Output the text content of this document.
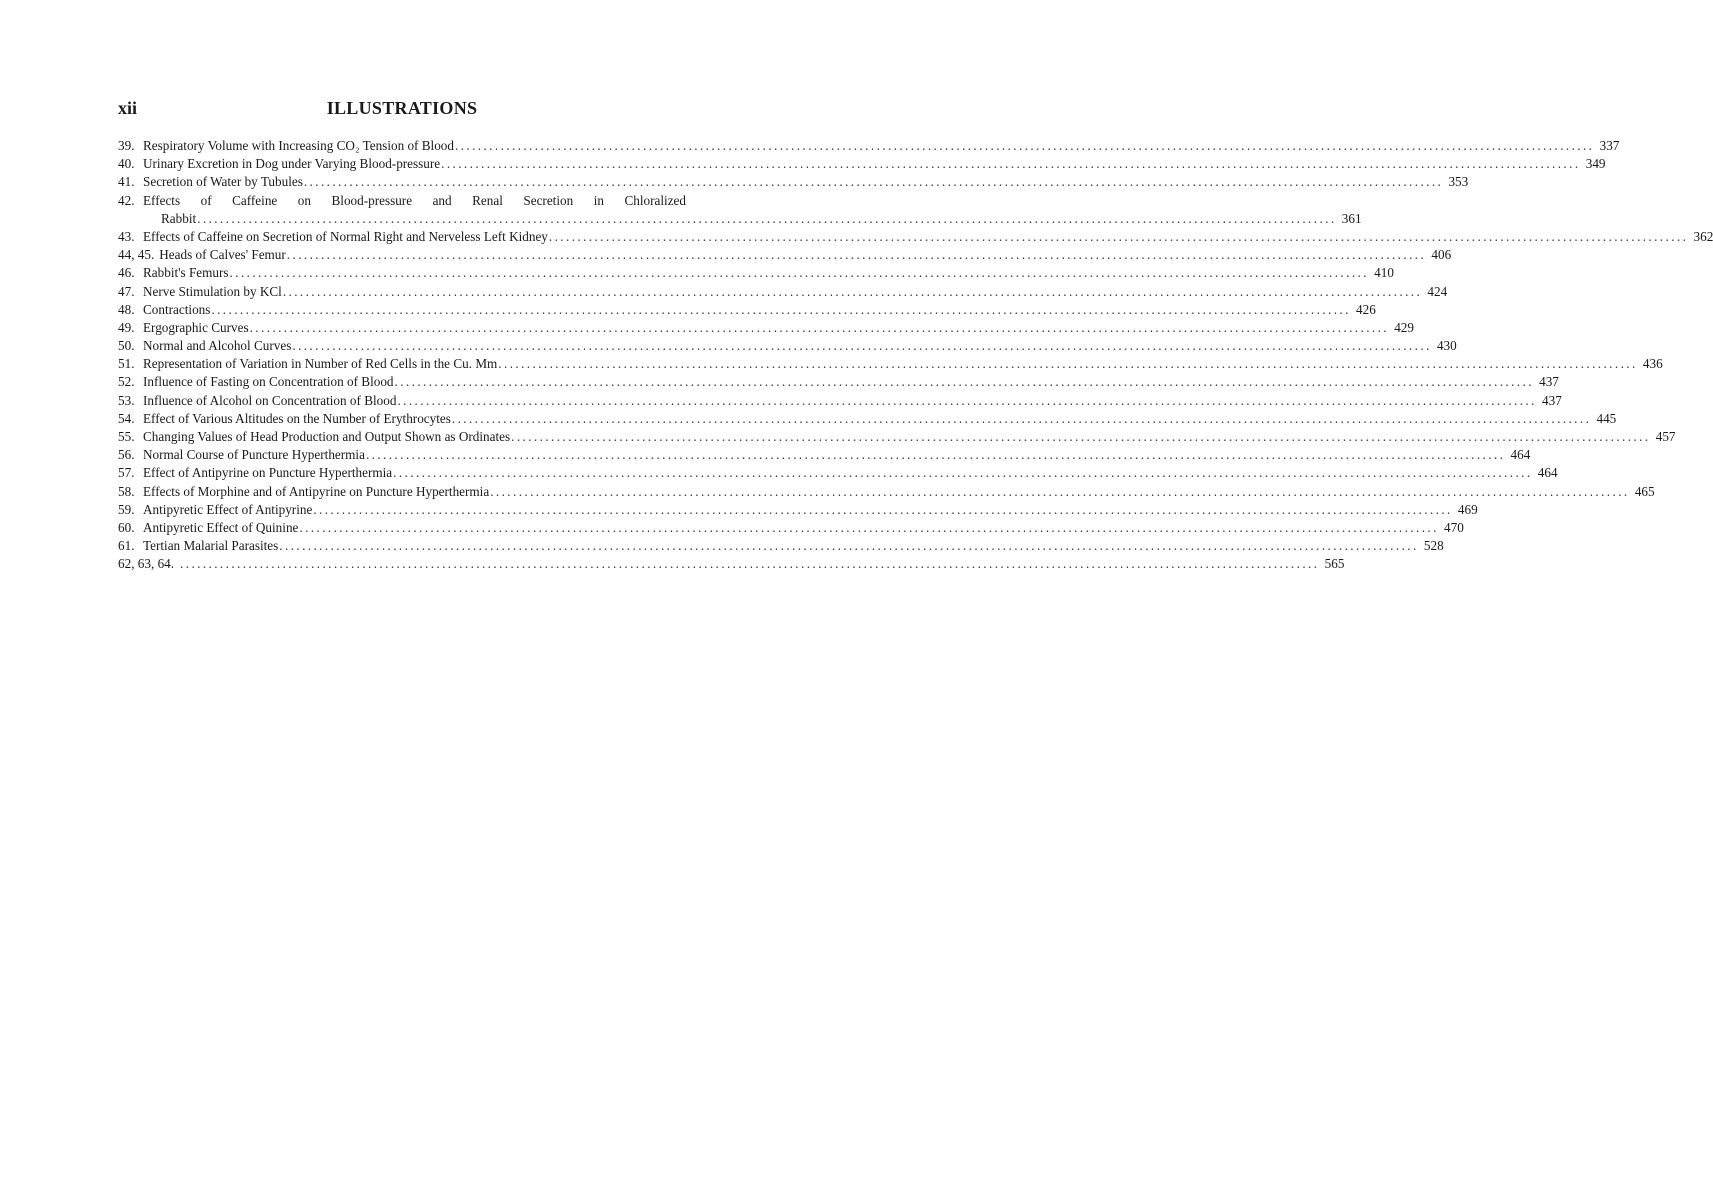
xii	ILLUSTRATIONS
39. Respiratory Volume with Increasing CO₂ Tension of Blood ........................................................................................................................................................................................................ 337
40. Urinary Excretion in Dog under Varying Blood-pressure ........................................................................................................................................................................................................ 349
41. Secretion of Water by Tubules ........................................................................................................................................................................................................ 353
42. Effects of Caffeine on Blood-pressure and Renal Secretion in Chloralized
Rabbit ........................................................................................................................................................................................................ 361
43. Effects of Caffeine on Secretion of Normal Right and Nerveless Left Kidney ........................................................................................................................................................................................................ 362
44, 45. Heads of Calves' Femur ........................................................................................................................................................................................................ 406
46. Rabbit's Femurs ........................................................................................................................................................................................................ 410
47. Nerve Stimulation by KCl ........................................................................................................................................................................................................ 424
48. Contractions ........................................................................................................................................................................................................ 426
49. Ergographic Curves ........................................................................................................................................................................................................ 429
50. Normal and Alcohol Curves ........................................................................................................................................................................................................ 430
51. Representation of Variation in Number of Red Cells in the Cu. Mm ........................................................................................................................................................................................................ 436
52. Influence of Fasting on Concentration of Blood ........................................................................................................................................................................................................ 437
53. Influence of Alcohol on Concentration of Blood ........................................................................................................................................................................................................ 437
54. Effect of Various Altitudes on the Number of Erythrocytes ........................................................................................................................................................................................................ 445
55. Changing Values of Head Production and Output Shown as Ordinates ........................................................................................................................................................................................................ 457
56. Normal Course of Puncture Hyperthermia ........................................................................................................................................................................................................ 464
57. Effect of Antipyrine on Puncture Hyperthermia ........................................................................................................................................................................................................ 464
58. Effects of Morphine and of Antipyrine on Puncture Hyperthermia ........................................................................................................................................................................................................ 465
59. Antipyretic Effect of Antipyrine ........................................................................................................................................................................................................ 469
60. Antipyretic Effect of Quinine ........................................................................................................................................................................................................ 470
61. Tertian Malarial Parasites ........................................................................................................................................................................................................ 528
62, 63, 64. ........................................................................................................................................................................................................ 565
